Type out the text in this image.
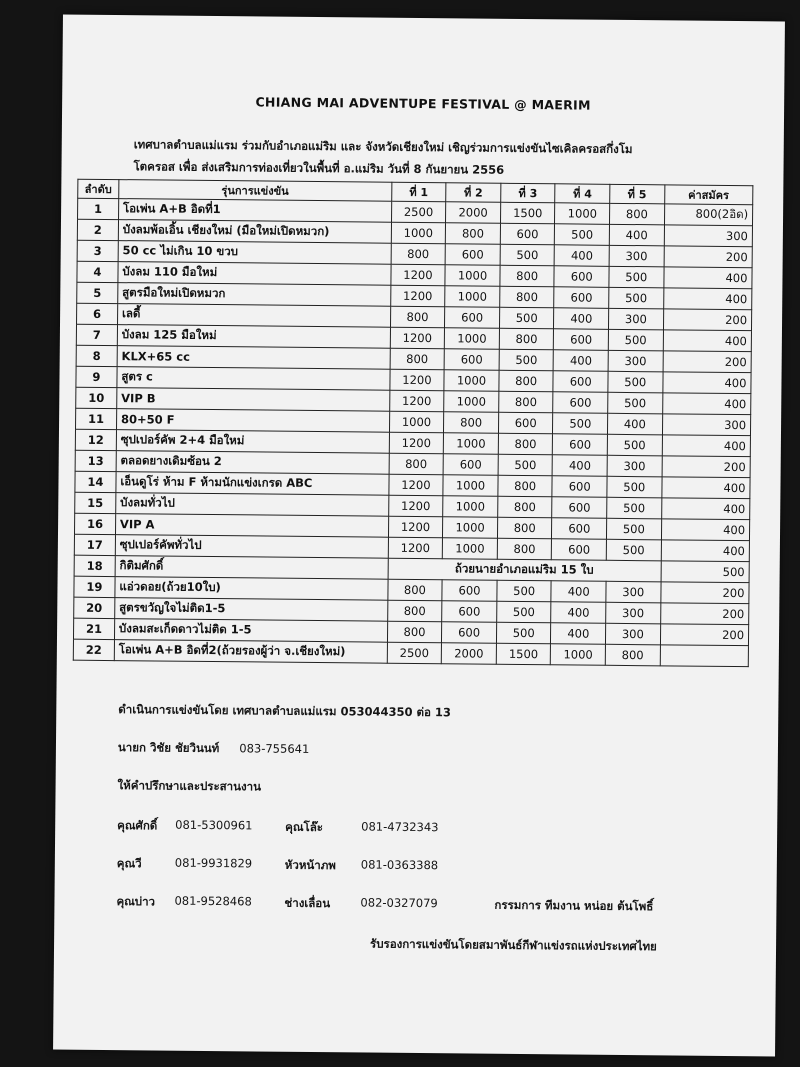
CHIANG MAI ADVENTUPE FESTIVAL @ MAERIM
เทศบาลตำบลแม่แรม ร่วมกับอำเภอแม่ริม และ จังหวัดเชียงใหม่ เชิญร่วมการแข่งขันไซเคิลครอสกึ่งโม
โตครอส เพื่อ ส่งเสริมการท่องเที่ยวในพื้นที่ อ.แม่ริม วันที่ 8 กันยายน 2556
ลำดับ	รุ่นการแข่งขัน	ที่ 1	ที่ 2	ที่ 3	ที่ 4	ที่ 5	ค่าสมัคร
1	โอเพ่น A+B อิดที่1	2500	2000	1500	1000	800	800(2อิด)
2	บังลมพ้อเอิ้น เชียงใหม่ (มือใหม่เปิดหมวก)	1000	800	600	500	400	300
3	50 cc ไม่เกิน 10 ขวบ	800	600	500	400	300	200
4	บังลม 110 มือใหม่	1200	1000	800	600	500	400
5	สูตรมือใหม่เปิดหมวก	1200	1000	800	600	500	400
6	เลดี้	800	600	500	400	300	200
7	บังลม 125 มือใหม่	1200	1000	800	600	500	400
8	KLX+65 cc	800	600	500	400	300	200
9	สูตร c	1200	1000	800	600	500	400
10	VIP B	1200	1000	800	600	500	400
11	80+50 F	1000	800	600	500	400	300
12	ซุปเปอร์คัพ 2+4 มือใหม่	1200	1000	800	600	500	400
13	ตลอดยางเดิมซ้อน 2	800	600	500	400	300	200
14	เอ็นดูโร่ ห้าม F ห้ามนักแข่งเกรด ABC	1200	1000	800	600	500	400
15	บังลมทั่วไป	1200	1000	800	600	500	400
16	VIP A	1200	1000	800	600	500	400
17	ซุปเปอร์คัพทั่วไป	1200	1000	800	600	500	400
18	กิติมศักดิ์	ถ้วยนายอำเภอแม่ริม 15 ใบ					500
19	แอ่วดอย(ถ้วย10ใบ)	800	600	500	400	300	200
20	สูตรขวัญใจไม่ติด1-5	800	600	500	400	300	200
21	บังลมสะเก็ดดาวไม่ติด 1-5	800	600	500	400	300	200
22	โอเพ่น A+B อิดที่2(ถ้วยรองผู้ว่า จ.เชียงใหม่)	2500	2000	1500	1000	800	
ดำเนินการแข่งขันโดย เทศบาลตำบลแม่แรม 053044350 ต่อ 13
นายก วิชัย ชัยวินนท์ 083-755641
ให้คำปรึกษาและประสานงาน
คุณศักดิ์ 081-5300961	คุณโล๊ะ	081-4732343
คุณวี	081-9931829	หัวหน้าภพ 081-0363388
คุณบ่าว 081-9528468	ช่างเลื่อน	082-0327079	กรรมการ ทีมงาน หน่อย ต้นโพธิ์
รับรองการแข่งขันโดยสมาพันธ์กีฬาแข่งรถแห่งประเทศไทย
